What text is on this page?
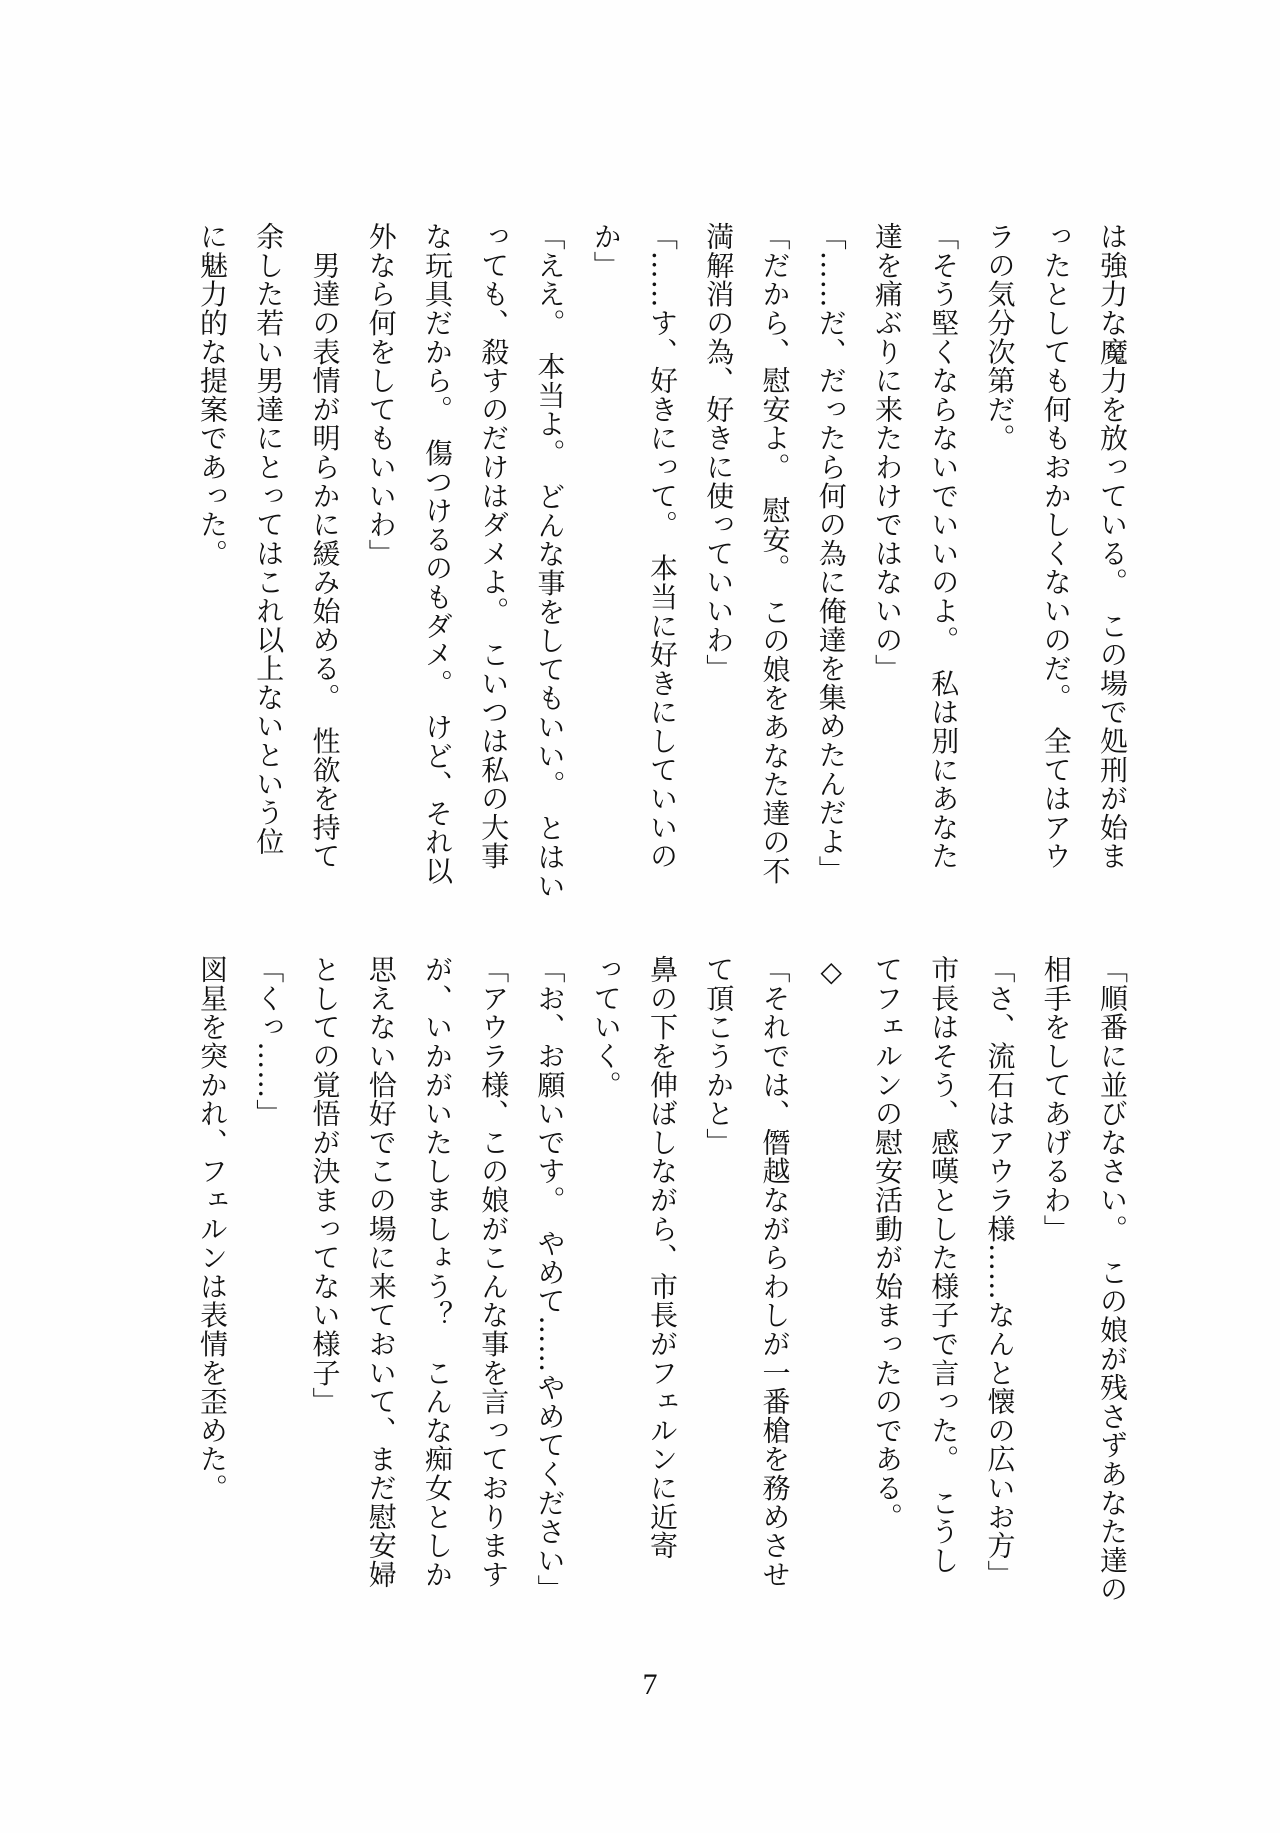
は強力な魔力を放っている。　この場で処刑が始ま
ったとしても何もおかしくないのだ。　全てはアウ
ラの気分次第だ。
「そう堅くならないでいいのよ。　私は別にあなた
達を痛ぶりに来たわけではないの」
「……だ、だったら何の為に俺達を集めたんだよ」
「だから、慰安よ。　慰安。　この娘をあなた達の不
満解消の為、好きに使っていいわ」
「……す、好きにって。　本当に好きにしていいの
か」
「ええ。　本当よ。　どんな事をしてもいい。　とはい
っても、殺すのだけはダメよ。　こいつは私の大事
な玩具だから。　傷つけるのもダメ。　けど、それ以
外なら何をしてもいいわ」
　男達の表情が明らかに緩み始める。　性欲を持て
余した若い男達にとってはこれ以上ないという位
に魅力的な提案であった。
「順番に並びなさい。　この娘が残さずあなた達の
相手をしてあげるわ」
「さ、流石はアウラ様……なんと懐の広いお方」
市長はそう、感嘆とした様子で言った。　こうし
てフェルンの慰安活動が始まったのである。
◇
「それでは、僭越ながらわしが一番槍を務めさせ
て頂こうかと」
鼻の下を伸ばしながら、市長がフェルンに近寄
っていく。
「お、お願いです。　やめて……やめてください」
「アウラ様、この娘がこんな事を言っております
が、いかがいたしましょう？　こんな痴女としか
思えない恰好でこの場に来ておいて、まだ慰安婦
としての覚悟が決まってない様子」
「くっ……」
図星を突かれ、フェルンは表情を歪めた。
7
